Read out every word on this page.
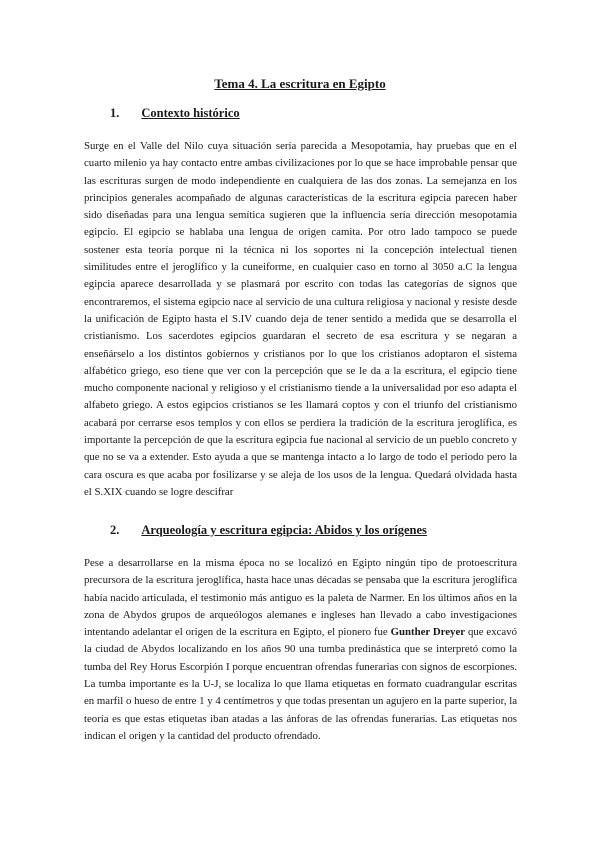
Tema 4. La escritura en Egipto
1. Contexto histórico

Surge en el Valle del Nilo cuya situación sería parecida a Mesopotamia, hay pruebas que en el cuarto milenio ya hay contacto entre ambas civilizaciones por lo que se hace improbable pensar que las escrituras surgen de modo independiente en cualquiera de las dos zonas. La semejanza en los principios generales acompañado de algunas características de la escritura egipcia parecen haber sido diseñadas para una lengua semítica sugieren que la influencia sería dirección mesopotamia egipcio. El egipcio se hablaba una lengua de origen camita. Por otro lado tampoco se puede sostener esta teoría porque ni la técnica ni los soportes ni la concepción intelectual tienen similitudes entre el jeroglífico y la cuneiforme, en cualquier caso en torno al 3050 a.C la lengua egipcia aparece desarrollada y se plasmará por escrito con todas las categorías de signos que encontraremos, el sistema egipcio nace al servicio de una cultura religiosa y nacional y resiste desde la unificación de Egipto hasta el S.IV cuando deja de tener sentido a medida que se desarrolla el cristianismo. Los sacerdotes egipcios guardaran el secreto de esa escritura y se negaran a enseñárselo a los distintos gobiernos y cristianos por lo que los cristianos adoptaron el sistema alfabético griego, eso tiene que ver con la percepción que se le da a la escritura, el egipcio tiene mucho componente nacional y religioso y el cristianismo tiende a la universalidad por eso adapta el alfabeto griego. A estos egipcios cristianos se les llamará coptos y con el triunfo del cristianismo acabará por cerrarse esos templos y con ellos se perdiera la tradición de la escritura jeroglífica, es importante la percepción de que la escritura egipcia fue nacional al servicio de un pueblo concreto y que no se va a extender. Esto ayuda a que se mantenga intacto a lo largo de todo el periodo pero la cara oscura es que acaba por fosilizarse y se aleja de los usos de la lengua. Quedará olvidada hasta el S.XIX cuando se logre descifrar

2. Arqueología y escritura egipcia: Abidos y los orígenes

Pese a desarrollarse en la misma época no se localizó en Egipto ningún tipo de protoescritura precursora de la escritura jeroglífica, hasta hace unas décadas se pensaba que la escritura jeroglífica había nacido articulada, el testimonio más antiguo es la paleta de Narmer. En los últimos años en la zona de Abydos grupos de arqueólogos alemanes e ingleses han llevado a cabo investigaciones intentando adelantar el origen de la escritura en Egipto, el pionero fue Gunther Dreyer que excavó la ciudad de Abydos localizando en los años 90 una tumba predinástica que se interpretó como la tumba del Rey Horus Escorpión I porque encuentran ofrendas funerarias con signos de escorpiones. La tumba importante es la U-J, se localiza lo que llama etiquetas en formato cuadrangular escritas en marfil o hueso de entre 1 y 4 centímetros y que todas presentan un agujero en la parte superior, la teoría es que estas etiquetas iban atadas a las ánforas de las ofrendas funerarias. Las etiquetas nos indican el origen y la cantidad del producto ofrendado.
